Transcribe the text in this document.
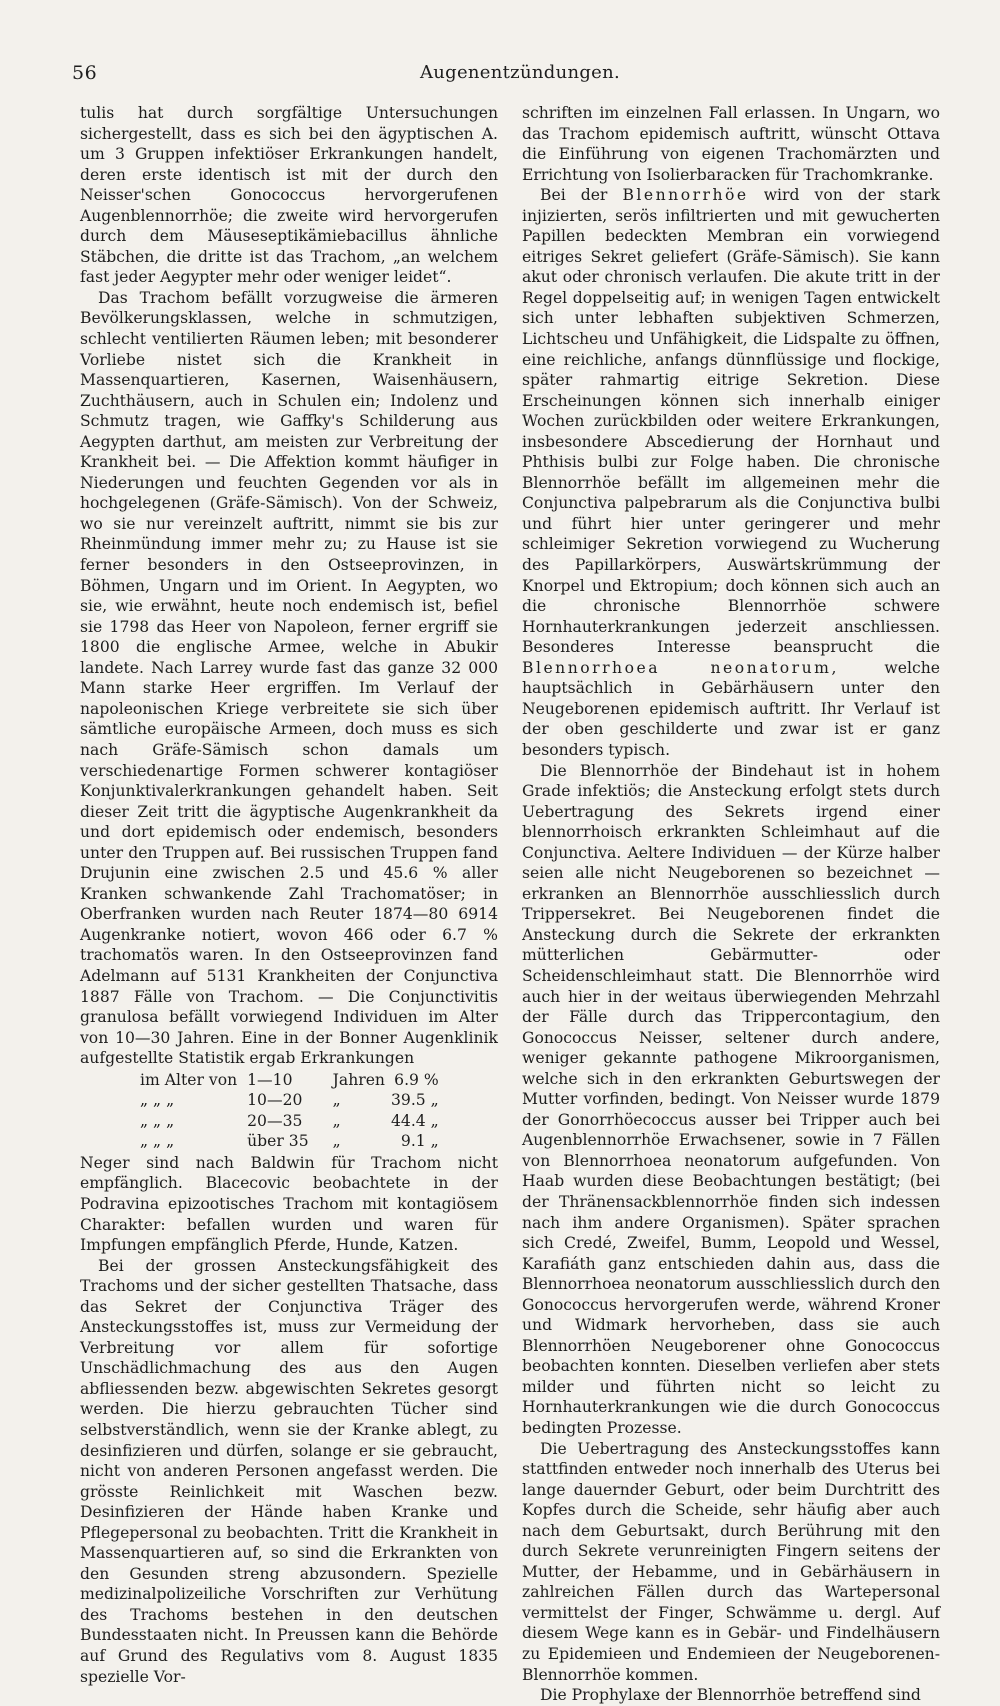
56	Augenentzündungen.

tulis hat durch sorgfältige Untersuchungen sichergestellt, dass es sich bei den ägyptischen A. um 3 Gruppen infektiöser Erkrankungen handelt, deren erste identisch ist mit der durch den Neisser'schen Gonococcus hervorgerufenen Augenblennorrhöe; die zweite wird hervorgerufen durch dem Mäuseseptikämiebacillus ähnliche Stäbchen, die dritte ist das Trachom, „an welchem fast jeder Aegypter mehr oder weniger leidet“.

Das Trachom befällt vorzugweise die ärmeren Bevölkerungsklassen, welche in schmutzigen, schlecht ventilierten Räumen leben; mit besonderer Vorliebe nistet sich die Krankheit in Massenquartieren, Kasernen, Waisenhäusern, Zuchthäusern, auch in Schulen ein; Indolenz und Schmutz tragen, wie Gaffky's Schilderung aus Aegypten darthut, am meisten zur Verbreitung der Krankheit bei. — Die Affektion kommt häufiger in Niederungen und feuchten Gegenden vor als in hochgelegenen (Gräfe-Sämisch). Von der Schweiz, wo sie nur vereinzelt auftritt, nimmt sie bis zur Rheinmündung immer mehr zu; zu Hause ist sie ferner besonders in den Ostseeprovinzen, in Böhmen, Ungarn und im Orient. In Aegypten, wo sie, wie erwähnt, heute noch endemisch ist, befiel sie 1798 das Heer von Napoleon, ferner ergriff sie 1800 die englische Armee, welche in Abukir landete. Nach Larrey wurde fast das ganze 32 000 Mann starke Heer ergriffen. Im Verlauf der napoleonischen Kriege verbreitete sie sich über sämtliche europäische Armeen, doch muss es sich nach Gräfe-Sämisch schon damals um verschiedenartige Formen schwerer kontagiöser Konjunktivalerkrankungen gehandelt haben. Seit dieser Zeit tritt die ägyptische Augenkrankheit da und dort epidemisch oder endemisch, besonders unter den Truppen auf. Bei russischen Truppen fand Drujunin eine zwischen 2.5 und 45.6 % aller Kranken schwankende Zahl Trachomatöser; in Oberfranken wurden nach Reuter 1874—80 6914 Augenkranke notiert, wovon 466 oder 6.7 % trachomatös waren. In den Ostseeprovinzen fand Adelmann auf 5131 Krankheiten der Conjunctiva 1887 Fälle von Trachom. — Die Conjunctivitis granulosa befällt vorwiegend Individuen im Alter von 10—30 Jahren. Eine in der Bonner Augenklinik aufgestellte Statistik ergab Erkrankungen

im Alter von	1—10	Jahren	6.9 %
„ „ „	10—20	„	39.5 „
„ „ „	20—35	„	44.4 „
„ „ „	über 35	„	9.1 „

Neger sind nach Baldwin für Trachom nicht empfänglich. Blacecovic beobachtete in der Podravina epizootisches Trachom mit kontagiösem Charakter: befallen wurden und waren für Impfungen empfänglich Pferde, Hunde, Katzen.

Bei der grossen Ansteckungsfähigkeit des Trachoms und der sicher gestellten Thatsache, dass das Sekret der Conjunctiva Träger des Ansteckungsstoffes ist, muss zur Vermeidung der Verbreitung vor allem für sofortige Unschädlichmachung des aus den Augen abfliessenden bezw. abgewischten Sekretes gesorgt werden. Die hierzu gebrauchten Tücher sind selbstverständlich, wenn sie der Kranke ablegt, zu desinfizieren und dürfen, solange er sie gebraucht, nicht von anderen Personen angefasst werden. Die grösste Reinlichkeit mit Waschen bezw. Desinfizieren der Hände haben Kranke und Pflegepersonal zu beobachten. Tritt die Krankheit in Massenquartieren auf, so sind die Erkrankten von den Gesunden streng abzusondern. Spezielle medizinalpolizeiliche Vorschriften zur Verhütung des Trachoms bestehen in den deutschen Bundesstaaten nicht. In Preussen kann die Behörde auf Grund des Regulativs vom 8. August 1835 spezielle Vor-

schriften im einzelnen Fall erlassen. In Ungarn, wo das Trachom epidemisch auftritt, wünscht Ottava die Einführung von eigenen Trachomärzten und Errichtung von Isolierbaracken für Trachomkranke.

Bei der Blennorrhöe wird von der stark injizierten, serös infiltrierten und mit gewucherten Papillen bedeckten Membran ein vorwiegend eitriges Sekret geliefert (Gräfe-Sämisch). Sie kann akut oder chronisch verlaufen. Die akute tritt in der Regel doppelseitig auf; in wenigen Tagen entwickelt sich unter lebhaften subjektiven Schmerzen, Lichtscheu und Unfähigkeit, die Lidspalte zu öffnen, eine reichliche, anfangs dünnflüssige und flockige, später rahmartig eitrige Sekretion. Diese Erscheinungen können sich innerhalb einiger Wochen zurückbilden oder weitere Erkrankungen, insbesondere Abscedierung der Hornhaut und Phthisis bulbi zur Folge haben. Die chronische Blennorrhöe befällt im allgemeinen mehr die Conjunctiva palpebrarum als die Conjunctiva bulbi und führt hier unter geringerer und mehr schleimiger Sekretion vorwiegend zu Wucherung des Papillarkörpers, Auswärtskrümmung der Knorpel und Ektropium; doch können sich auch an die chronische Blennorrhöe schwere Hornhauterkrankungen jederzeit anschliessen. Besonderes Interesse beansprucht die Blennorrhoea neonatorum, welche hauptsächlich in Gebärhäusern unter den Neugeborenen epidemisch auftritt. Ihr Verlauf ist der oben geschilderte und zwar ist er ganz besonders typisch.

Die Blennorrhöe der Bindehaut ist in hohem Grade infektiös; die Ansteckung erfolgt stets durch Uebertragung des Sekrets irgend einer blennorrhoisch erkrankten Schleimhaut auf die Conjunctiva. Aeltere Individuen — der Kürze halber seien alle nicht Neugeborenen so bezeichnet — erkranken an Blennorrhöe ausschliesslich durch Trippersekret. Bei Neugeborenen findet die Ansteckung durch die Sekrete der erkrankten mütterlichen Gebärmutter- oder Scheidenschleimhaut statt. Die Blennorrhöe wird auch hier in der weitaus überwiegenden Mehrzahl der Fälle durch das Trippercontagium, den Gonococcus Neisser, seltener durch andere, weniger gekannte pathogene Mikroorganismen, welche sich in den erkrankten Geburtswegen der Mutter vorfinden, bedingt. Von Neisser wurde 1879 der Gonorrhöecoccus ausser bei Tripper auch bei Augenblennorrhöe Erwachsener, sowie in 7 Fällen von Blennorrhoea neonatorum aufgefunden. Von Haab wurden diese Beobachtungen bestätigt; (bei der Thränensackblennorrhöe finden sich indessen nach ihm andere Organismen). Später sprachen sich Credé, Zweifel, Bumm, Leopold und Wessel, Karafiáth ganz entschieden dahin aus, dass die Blennorrhoea neonatorum ausschliesslich durch den Gonococcus hervorgerufen werde, während Kroner und Widmark hervorheben, dass sie auch Blennorrhöen Neugeborener ohne Gonococcus beobachten konnten. Dieselben verliefen aber stets milder und führten nicht so leicht zu Hornhauterkrankungen wie die durch Gonococcus bedingten Prozesse.

Die Uebertragung des Ansteckungsstoffes kann stattfinden entweder noch innerhalb des Uterus bei lange dauernder Geburt, oder beim Durchtritt des Kopfes durch die Scheide, sehr häufig aber auch nach dem Geburtsakt, durch Berührung mit den durch Sekrete verunreinigten Fingern seitens der Mutter, der Hebamme, und in Gebärhäusern in zahlreichen Fällen durch das Wartepersonal vermittelst der Finger, Schwämme u. dergl. Auf diesem Wege kann es in Gebär- und Findelhäusern zu Epidemieen und Endemieen der Neugeborenen-Blennorrhöe kommen.

Die Prophylaxe der Blennorrhöe betreffend sind
